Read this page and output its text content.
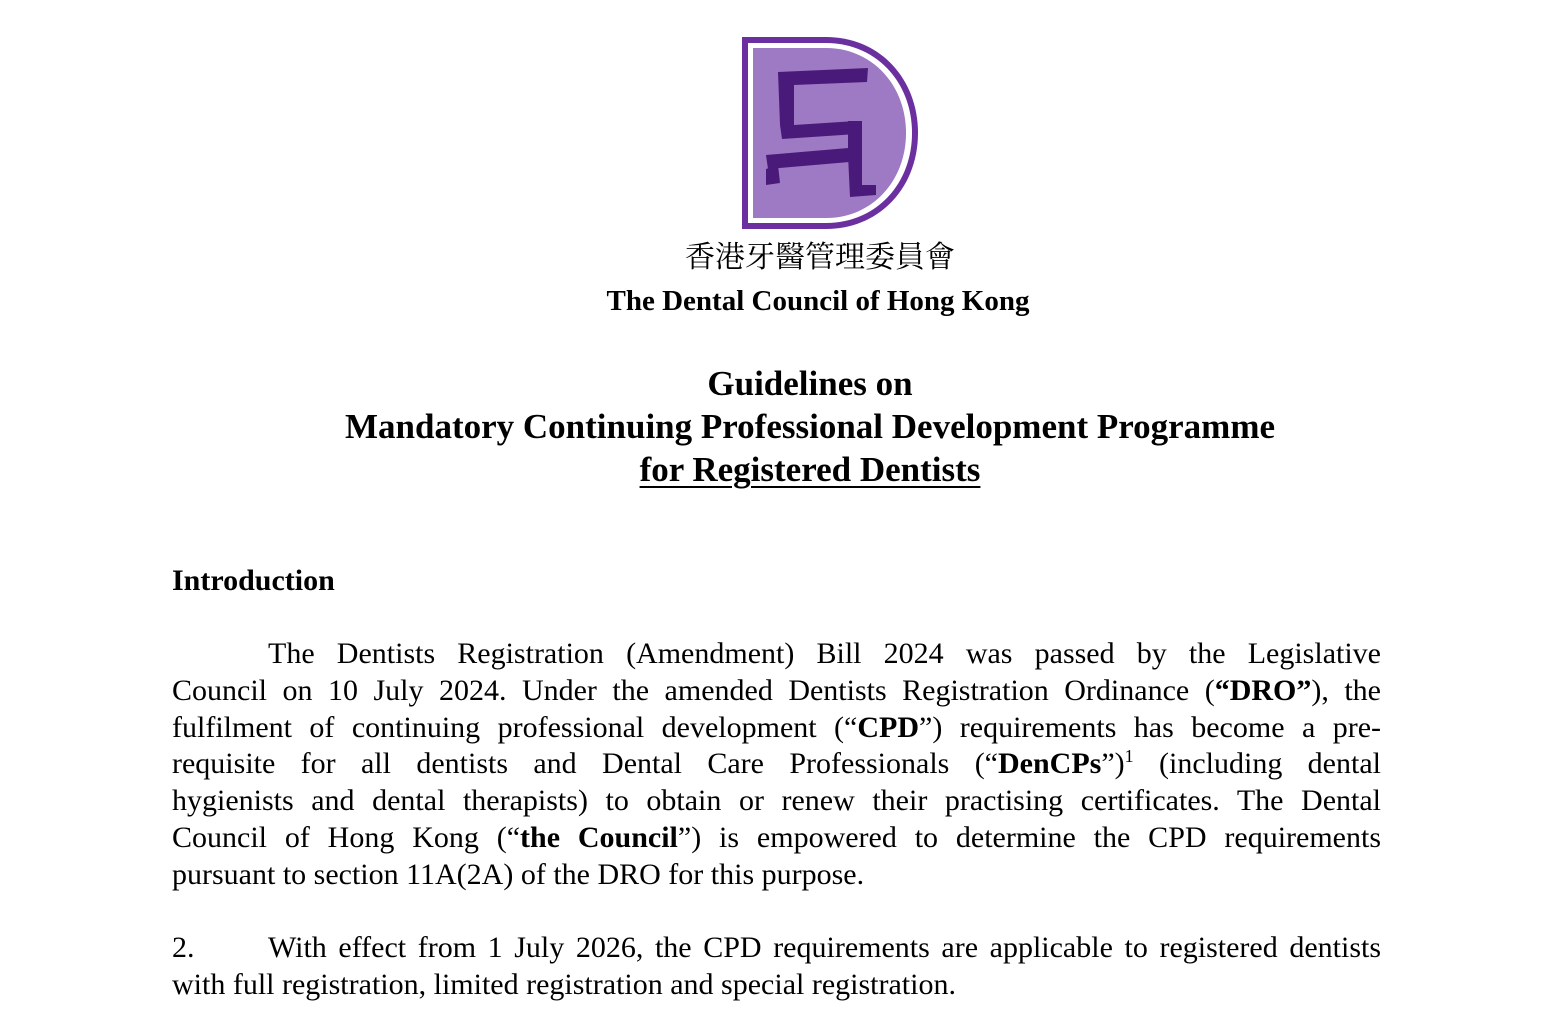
香港牙醫管理委員會
The Dental Council of Hong Kong
Guidelines on
Mandatory Continuing Professional Development Programme
for Registered Dentists
Introduction
The Dentists Registration (Amendment) Bill 2024 was passed by the Legislative
Council on 10 July 2024. Under the amended Dentists Registration Ordinance (“DRO”), the
fulfilment of continuing professional development (“CPD”) requirements has become a pre-
requisite for all dentists and Dental Care Professionals (“DenCPs”)$^1$ (including dental
hygienists and dental therapists) to obtain or renew their practising certificates. The Dental
Council of Hong Kong (“the Council”) is empowered to determine the CPD requirements
pursuant to section 11A(2A) of the DRO for this purpose.
2. With effect from 1 July 2026, the CPD requirements are applicable to registered dentists
with full registration, limited registration and special registration.
